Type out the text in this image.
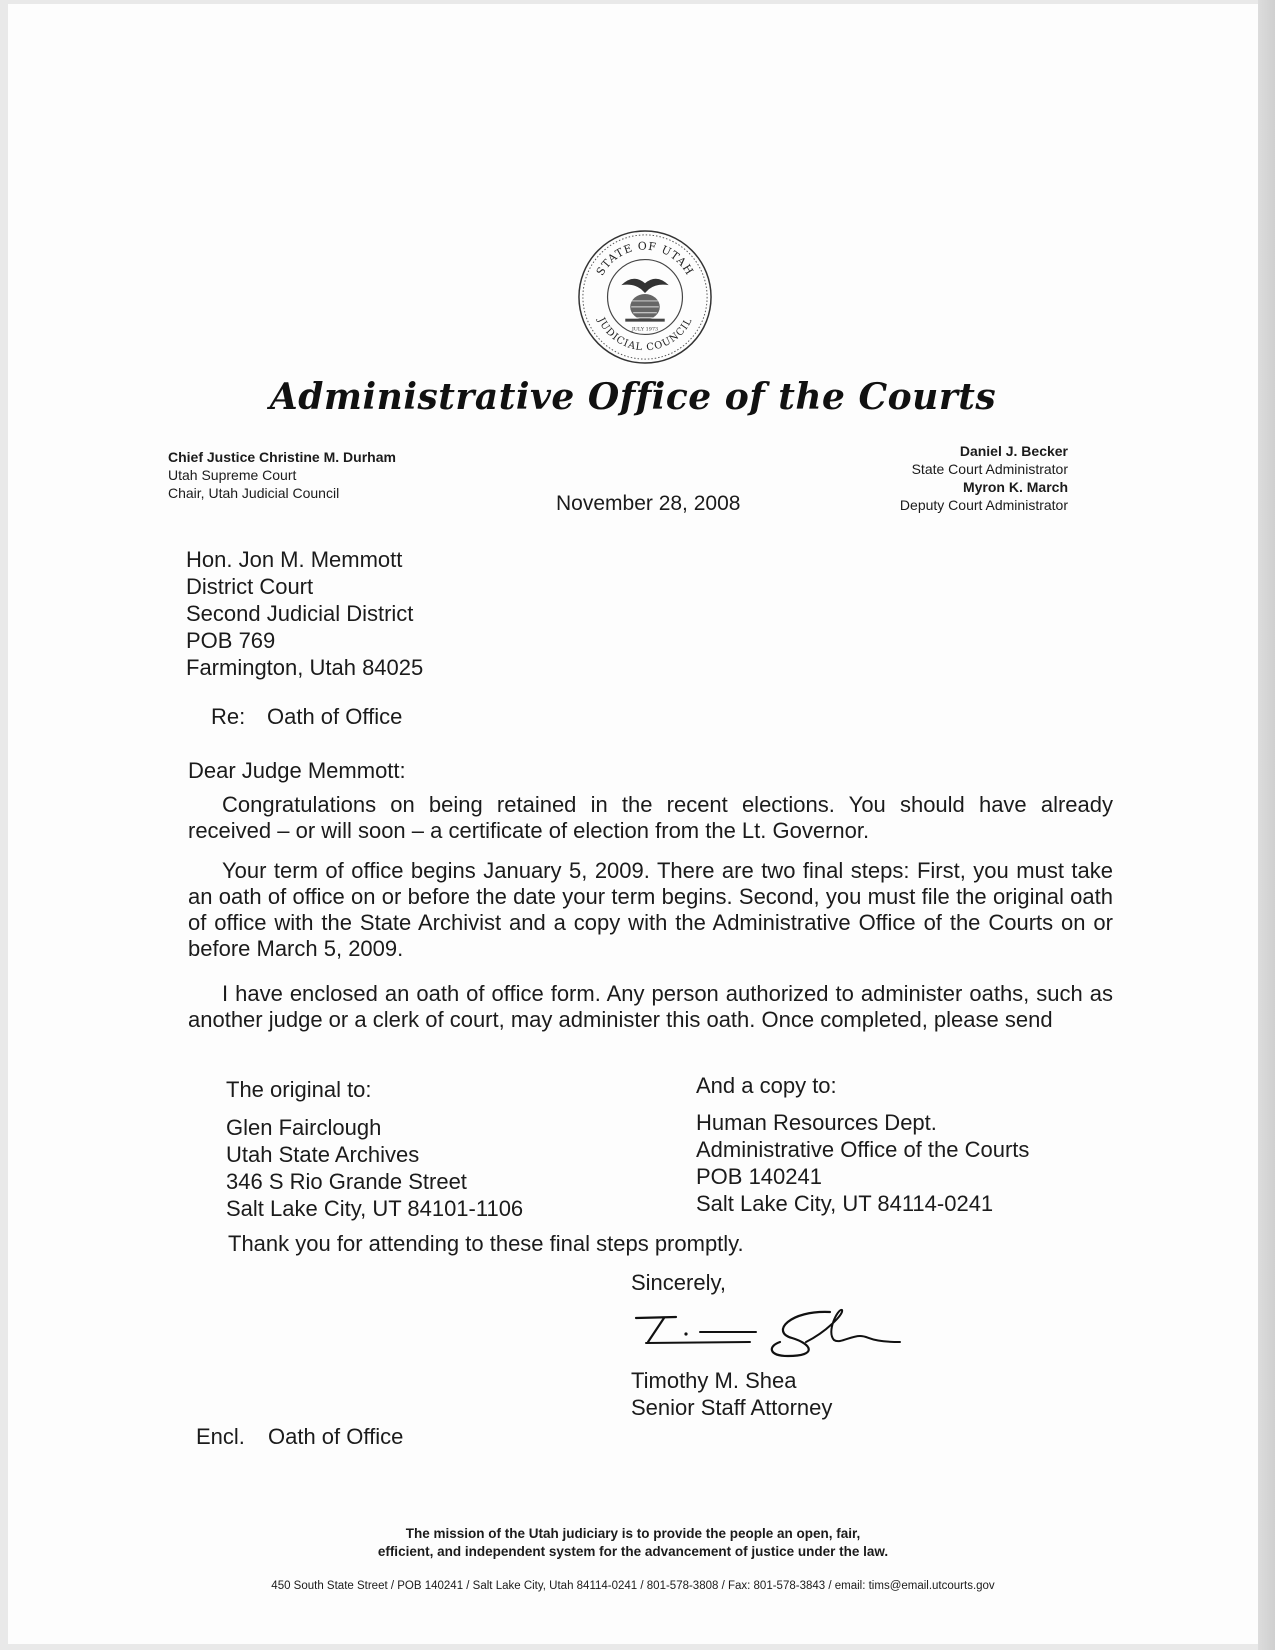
STATE OF UTAH
JUDICIAL COUNCIL
JULY 1973
Administrative Office of the Courts
Chief Justice Christine M. Durham
Utah Supreme Court
Chair, Utah Judicial Council
Daniel J. Becker
State Court Administrator
Myron K. March
Deputy Court Administrator
November 28, 2008
Hon. Jon M. Memmott
District Court
Second Judicial District
POB 769
Farmington, Utah 84025
Re: Oath of Office
Dear Judge Memmott:
Congratulations on being retained in the recent elections. You should have already received – or will soon – a certificate of election from the Lt. Governor.
Your term of office begins January 5, 2009. There are two final steps: First, you must take an oath of office on or before the date your term begins. Second, you must file the original oath of office with the State Archivist and a copy with the Administrative Office of the Courts on or before March 5, 2009.
I have enclosed an oath of office form. Any person authorized to administer oaths, such as another judge or a clerk of court, may administer this oath. Once completed, please send
The original to:
Glen Fairclough
Utah State Archives
346 S Rio Grande Street
Salt Lake City, UT 84101-1106
And a copy to:
Human Resources Dept.
Administrative Office of the Courts
POB 140241
Salt Lake City, UT 84114-0241
Thank you for attending to these final steps promptly.
Sincerely,
Timothy M. Shea
Senior Staff Attorney
Encl. Oath of Office
The mission of the Utah judiciary is to provide the people an open, fair,
efficient, and independent system for the advancement of justice under the law.
450 South State Street / POB 140241 / Salt Lake City, Utah 84114-0241 / 801-578-3808 / Fax: 801-578-3843 / email: tims@email.utcourts.gov
